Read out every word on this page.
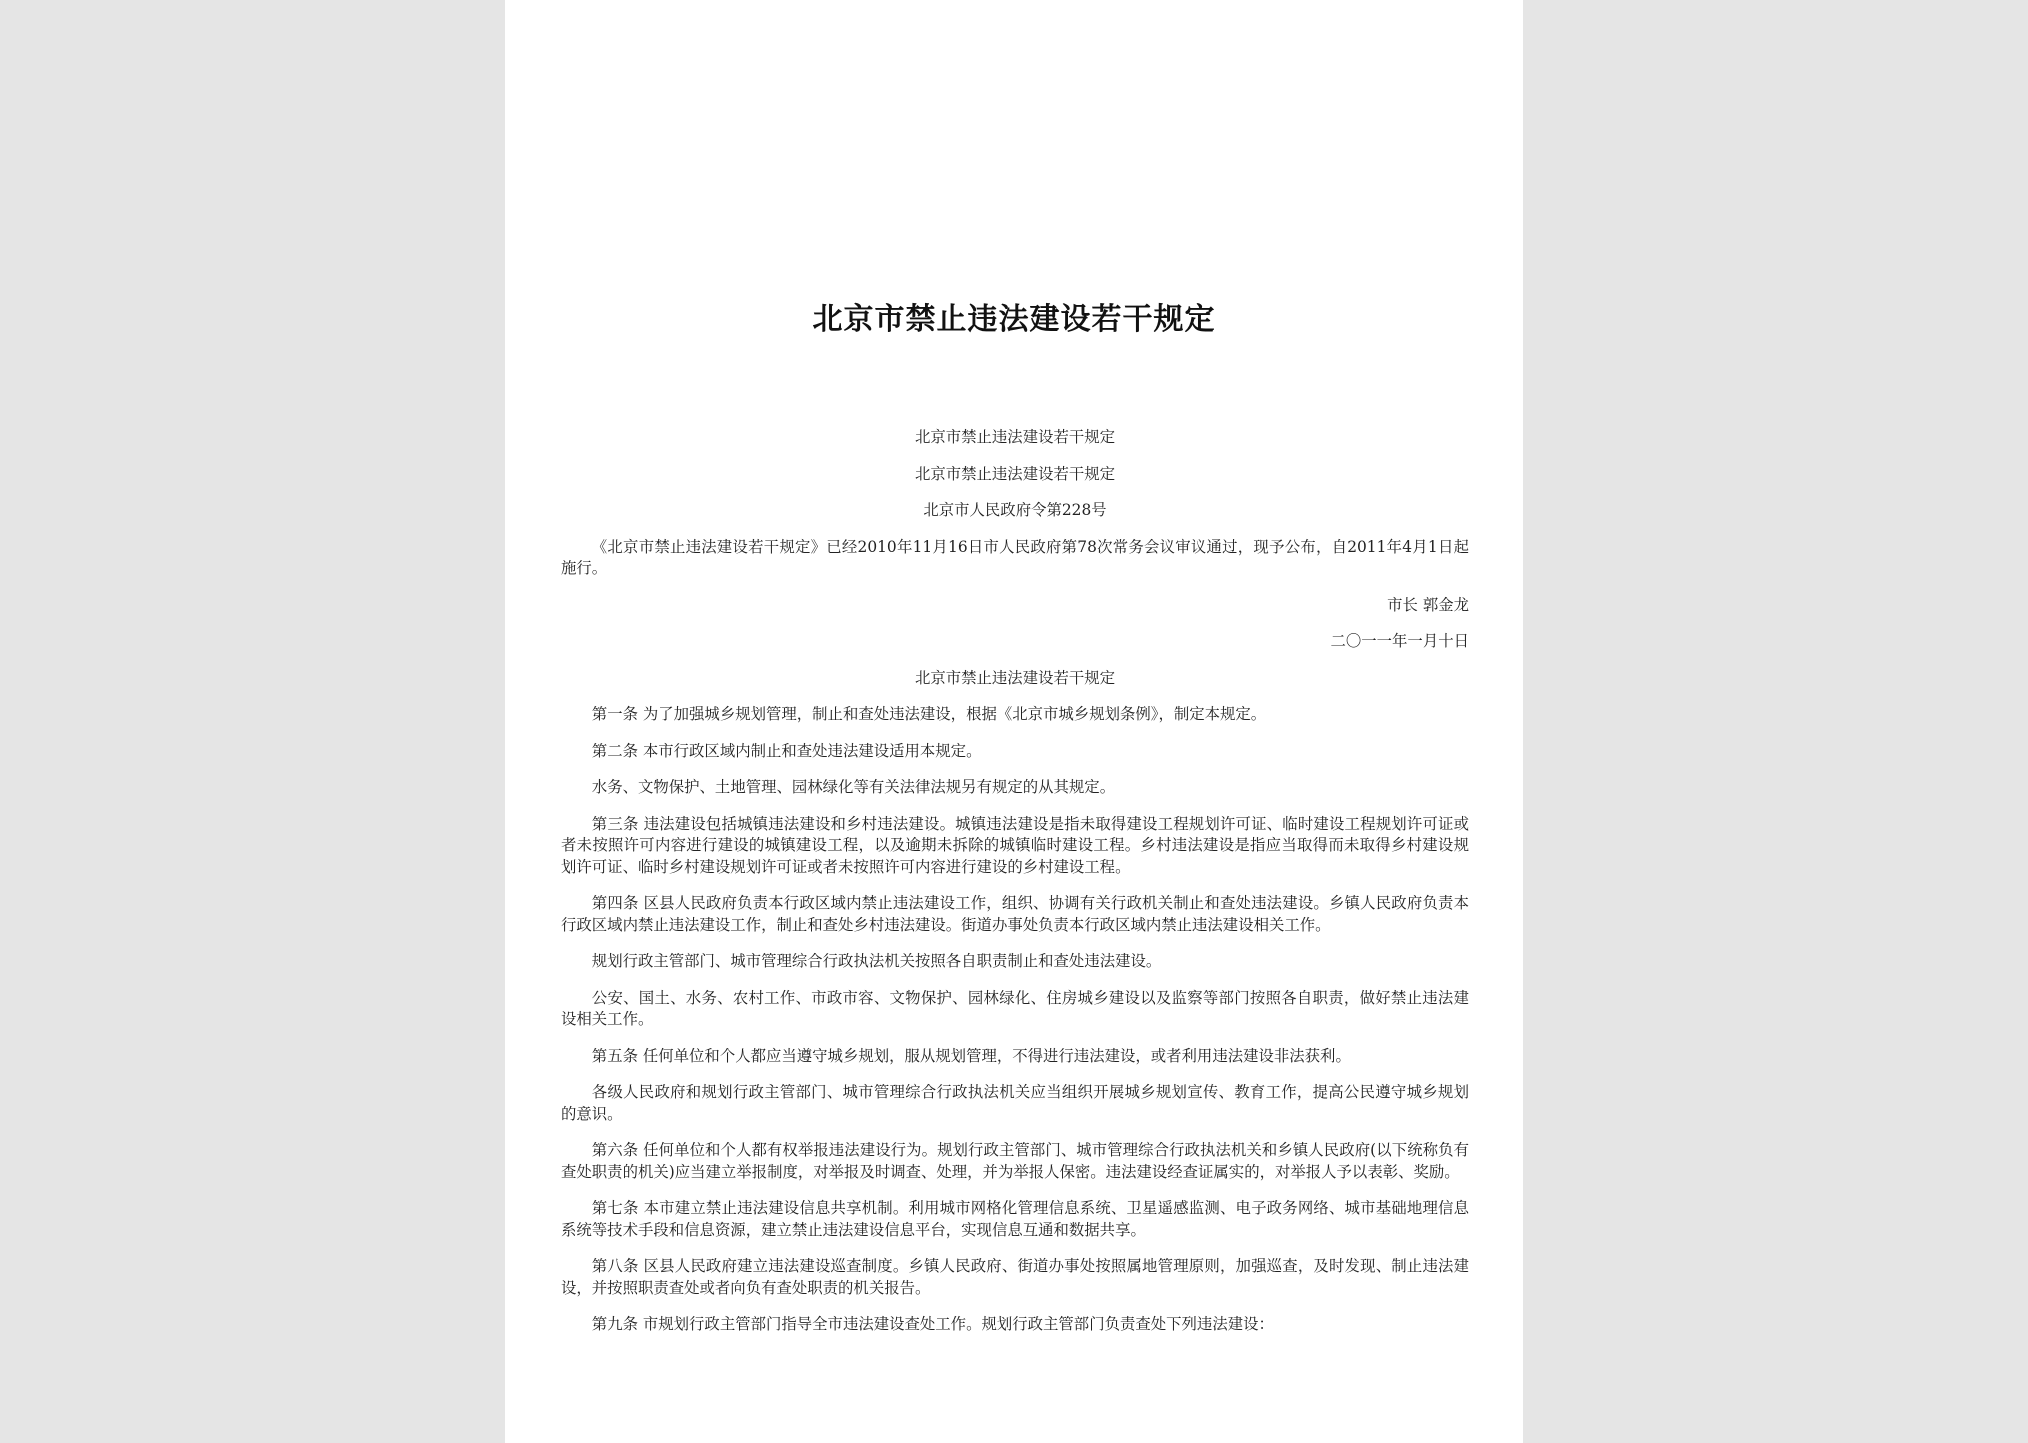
北京市禁止违法建设若干规定

北京市禁止违法建设若干规定

北京市禁止违法建设若干规定

北京市人民政府令第228号

《北京市禁止违法建设若干规定》已经2010年11月16日市人民政府第78次常务会议审议通过，现予公布，自2011年4月1日起施行。

市长 郭金龙

二〇一一年一月十日

北京市禁止违法建设若干规定

第一条 为了加强城乡规划管理，制止和查处违法建设，根据《北京市城乡规划条例》，制定本规定。

第二条 本市行政区域内制止和查处违法建设适用本规定。

水务、文物保护、土地管理、园林绿化等有关法律法规另有规定的从其规定。

第三条 违法建设包括城镇违法建设和乡村违法建设。城镇违法建设是指未取得建设工程规划许可证、临时建设工程规划许可证或者未按照许可内容进行建设的城镇建设工程，以及逾期未拆除的城镇临时建设工程。乡村违法建设是指应当取得而未取得乡村建设规划许可证、临时乡村建设规划许可证或者未按照许可内容进行建设的乡村建设工程。

第四条 区县人民政府负责本行政区域内禁止违法建设工作，组织、协调有关行政机关制止和查处违法建设。乡镇人民政府负责本行政区域内禁止违法建设工作，制止和查处乡村违法建设。街道办事处负责本行政区域内禁止违法建设相关工作。

规划行政主管部门、城市管理综合行政执法机关按照各自职责制止和查处违法建设。

公安、国土、水务、农村工作、市政市容、文物保护、园林绿化、住房城乡建设以及监察等部门按照各自职责，做好禁止违法建设相关工作。

第五条 任何单位和个人都应当遵守城乡规划，服从规划管理，不得进行违法建设，或者利用违法建设非法获利。

各级人民政府和规划行政主管部门、城市管理综合行政执法机关应当组织开展城乡规划宣传、教育工作，提高公民遵守城乡规划的意识。

第六条 任何单位和个人都有权举报违法建设行为。规划行政主管部门、城市管理综合行政执法机关和乡镇人民政府(以下统称负有查处职责的机关)应当建立举报制度，对举报及时调查、处理，并为举报人保密。违法建设经查证属实的，对举报人予以表彰、奖励。

第七条 本市建立禁止违法建设信息共享机制。利用城市网格化管理信息系统、卫星遥感监测、电子政务网络、城市基础地理信息系统等技术手段和信息资源，建立禁止违法建设信息平台，实现信息互通和数据共享。

第八条 区县人民政府建立违法建设巡查制度。乡镇人民政府、街道办事处按照属地管理原则，加强巡查，及时发现、制止违法建设，并按照职责查处或者向负有查处职责的机关报告。

第九条 市规划行政主管部门指导全市违法建设查处工作。规划行政主管部门负责查处下列违法建设：
